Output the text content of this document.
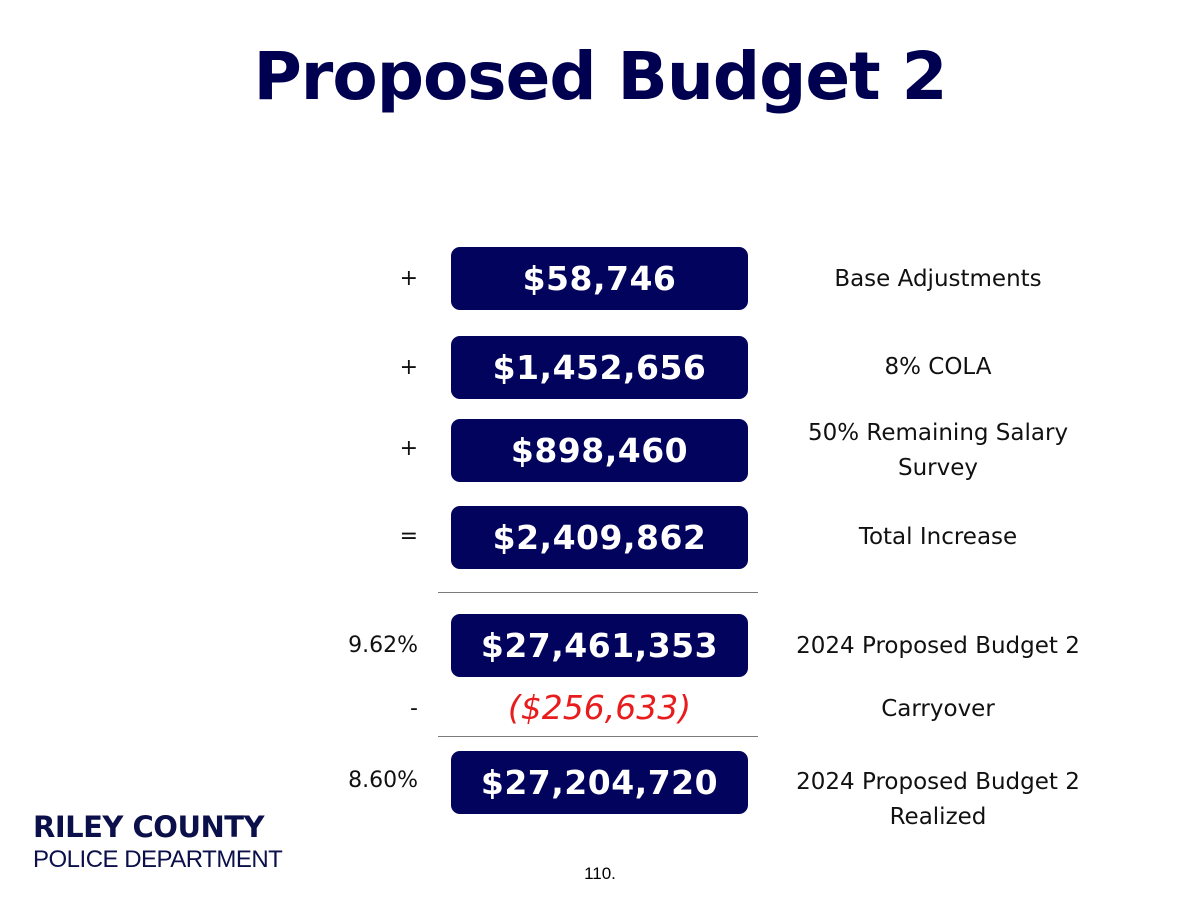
Proposed Budget 2
+	$58,746	Base Adjustments
+	$1,452,656	8% COLA
+	$898,460	50% Remaining Salary
Survey
=	$2,409,862	Total Increase
9.62%	$27,461,353	2024 Proposed Budget 2
-	($256,633)	Carryover
8.60%	$27,204,720	2024 Proposed Budget 2
Realized
RILEY COUNTY
POLICE DEPARTMENT
110.
